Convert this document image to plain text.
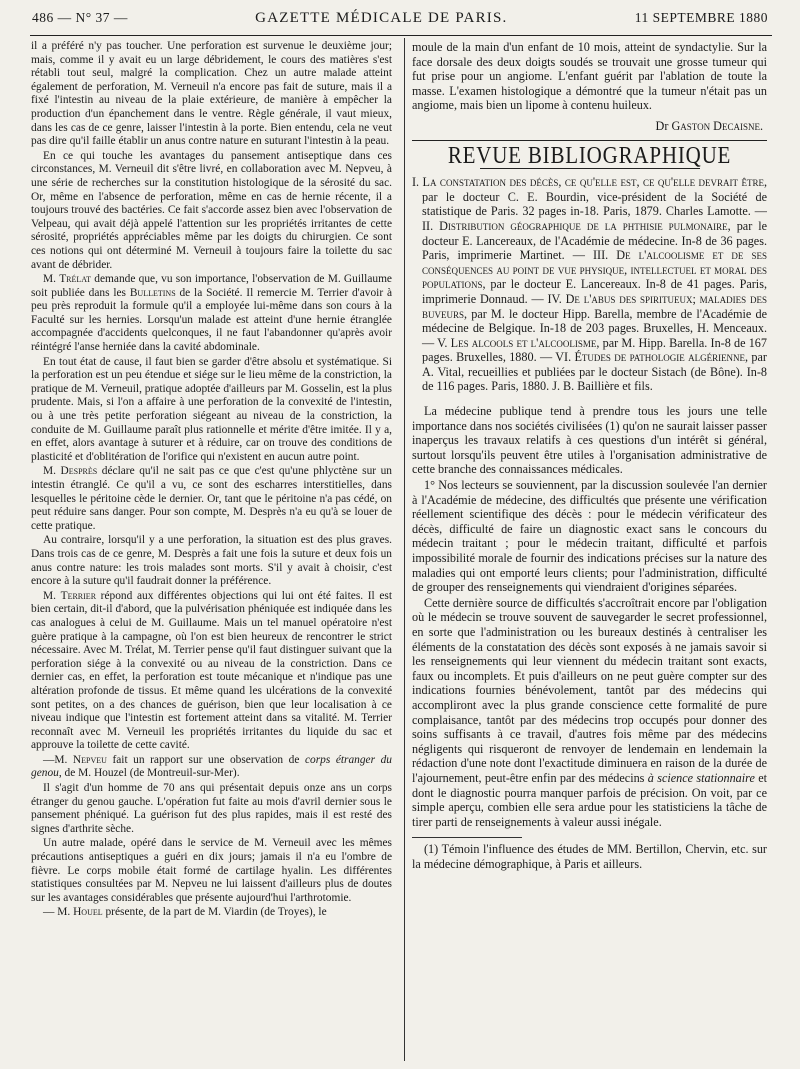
486 — N° 37 —	GAZETTE MÉDICALE DE PARIS.	11 SEPTEMBRE 1880

il a préféré n'y pas toucher. Une perforation est survenue le deuxième jour; mais, comme il y avait eu un large débridement, le cours des matières s'est rétabli tout seul, malgré la complication. Chez un autre malade atteint également de perforation, M. Verneuil n'a encore pas fait de suture, mais il a fixé l'intestin au niveau de la plaie extérieure, de manière à empêcher la production d'un épanchement dans le ventre. Règle générale, il vaut mieux, dans les cas de ce genre, laisser l'intestin à la porte. Bien entendu, cela ne veut pas dire qu'il faille établir un anus contre nature en suturant l'intestin à la peau.

En ce qui touche les avantages du pansement antiseptique dans ces circonstances, M. Verneuil dit s'être livré, en collaboration avec M. Nepveu, à une série de recherches sur la constitution histologique de la sérosité du sac. Or, même en l'absence de perforation, même en cas de hernie récente, il a toujours trouvé des bactéries. Ce fait s'accorde assez bien avec l'observation de Velpeau, qui avait déjà appelé l'attention sur les propriétés irritantes de cette sérosité, propriétés appréciables même par les doigts du chirurgien. Ce sont ces notions qui ont déterminé M. Verneuil à toujours faire la toilette du sac avant de débrider.

M. Trélat demande que, vu son importance, l'observation de M. Guillaume soit publiée dans les Bulletins de la Société. Il remercie M. Terrier d'avoir à peu près reproduit la formule qu'il a employée lui-même dans son cours à la Faculté sur les hernies. Lorsqu'un malade est atteint d'une hernie étranglée accompagnée d'accidents quelconques, il ne faut l'abandonner qu'après avoir réintégré l'anse herniée dans la cavité abdominale.

En tout état de cause, il faut bien se garder d'être absolu et systématique. Si la perforation est un peu étendue et siége sur le lieu même de la constriction, la pratique de M. Verneuil, pratique adoptée d'ailleurs par M. Gosselin, est la plus prudente. Mais, si l'on a affaire à une perforation de la convexité de l'intestin, ou à une très petite perforation siégeant au niveau de la constriction, la conduite de M. Guillaume paraît plus rationnelle et mérite d'être imitée. Il y a, en effet, alors avantage à suturer et à réduire, car on trouve des conditions de plasticité et d'oblitération de l'orifice qui n'existent en aucun autre point.

M. Desprès déclare qu'il ne sait pas ce que c'est qu'une phlyctène sur un intestin étranglé. Ce qu'il a vu, ce sont des escharres interstitielles, dans lesquelles le péritoine cède le dernier. Or, tant que le péritoine n'a pas cédé, on peut réduire sans danger. Pour son compte, M. Desprès n'a eu qu'à se louer de cette pratique.

Au contraire, lorsqu'il y a une perforation, la situation est des plus graves. Dans trois cas de ce genre, M. Desprès a fait une fois la suture et deux fois un anus contre nature: les trois malades sont morts. S'il y avait à choisir, c'est encore à la suture qu'il faudrait donner la préférence.

M. Terrier répond aux différentes objections qui lui ont été faites. Il est bien certain, dit-il d'abord, que la pulvérisation phéniquée est indiquée dans les cas analogues à celui de M. Guillaume. Mais un tel manuel opératoire n'est guère pratique à la campagne, où l'on est bien heureux de rencontrer le strict nécessaire. Avec M. Trélat, M. Terrier pense qu'il faut distinguer suivant que la perforation siége à la convexité ou au niveau de la constriction. Dans ce dernier cas, en effet, la perforation est toute mécanique et n'indique pas une altération profonde de tissus. Et même quand les ulcérations de la convexité sont petites, on a des chances de guérison, bien que leur localisation à ce niveau indique que l'intestin est fortement atteint dans sa vitalité. M. Terrier reconnaît avec M. Verneuil les propriétés irritantes du liquide du sac et approuve la toilette de cette cavité.

—M. Nepveu fait un rapport sur une observation de corps étranger du genou, de M. Houzel (de Montreuil-sur-Mer).

Il s'agit d'un homme de 70 ans qui présentait depuis onze ans un corps étranger du genou gauche. L'opération fut faite au mois d'avril dernier sous le pansement phéniqué. La guérison fut des plus rapides, mais il est resté des signes d'arthrite sèche.

Un autre malade, opéré dans le service de M. Verneuil avec les mêmes précautions antiseptiques a guéri en dix jours; jamais il n'a eu l'ombre de fièvre. Le corps mobile était formé de cartilage hyalin. Les différentes statistiques consultées par M. Nepveu ne lui laissent d'ailleurs plus de doutes sur les avantages considérables que présente aujourd'hui l'arthrotomie.

— M. Houel présente, de la part de M. Viardin (de Troyes), le

moule de la main d'un enfant de 10 mois, atteint de syndactylie. Sur la face dorsale des deux doigts soudés se trouvait une grosse tumeur qui fut prise pour un angiome. L'enfant guérit par l'ablation de toute la masse. L'examen histologique a démontré que la tumeur n'était pas un angiome, mais bien un lipome à contenu huileux.

Dr Gaston Decaisne.

REVUE BIBLIOGRAPHIQUE

I. La constatation des décès, ce qu'elle est, ce qu'elle devrait être, par le docteur C. E. Bourdin, vice-président de la Société de statistique de Paris. 32 pages in-18. Paris, 1879. Charles Lamotte. — II. Distribution géographique de la phthisie pulmonaire, par le docteur E. Lancereaux, de l'Académie de médecine. In-8 de 36 pages. Paris, imprimerie Martinet. — III. De l'alcoolisme et de ses conséquences au point de vue physique, intellectuel et moral des populations, par le docteur E. Lancereaux. In-8 de 41 pages. Paris, imprimerie Donnaud. — IV. De l'abus des spiritueux; maladies des buveurs, par M. le docteur Hipp. Barella, membre de l'Académie de médecine de Belgique. In-18 de 203 pages. Bruxelles, H. Menceaux. — V. Les alcools et l'alcoolisme, par M. Hipp. Barella. In-8 de 167 pages. Bruxelles, 1880. — VI. Études de pathologie algérienne, par A. Vital, recueillies et publiées par le docteur Sistach (de Bône). In-8 de 116 pages. Paris, 1880. J. B. Baillière et fils.

La médecine publique tend à prendre tous les jours une telle importance dans nos sociétés civilisées (1) qu'on ne saurait laisser passer inaperçus les travaux relatifs à ces questions d'un intérêt si général, surtout lorsqu'ils peuvent être utiles à l'organisation administrative de cette branche des connaissances médicales.

1° Nos lecteurs se souviennent, par la discussion soulevée l'an dernier à l'Académie de médecine, des difficultés que présente une vérification réellement scientifique des décès : pour le médecin vérificateur des décès, difficulté de faire un diagnostic exact sans le concours du médecin traitant ; pour le médecin traitant, difficulté et parfois impossibilité morale de fournir des indications précises sur la nature des maladies qui ont emporté leurs clients; pour l'administration, difficulté de grouper des renseignements qui viendraient d'origines séparées.

Cette dernière source de difficultés s'accroîtrait encore par l'obligation où le médecin se trouve souvent de sauvegarder le secret professionnel, en sorte que l'administration ou les bureaux destinés à centraliser les éléments de la constatation des décès sont exposés à ne jamais savoir si les renseignements qui leur viennent du médecin traitant sont exacts, faux ou incomplets. Et puis d'ailleurs on ne peut guère compter sur des indications fournies bénévolement, tantôt par des médecins qui accompliront avec la plus grande conscience cette formalité de pure complaisance, tantôt par des médecins trop occupés pour donner des soins suffisants à ce travail, d'autres fois même par des médecins négligents qui risqueront de renvoyer de lendemain en lendemain la rédaction d'une note dont l'exactitude diminuera en raison de la durée de l'ajournement, peut-être enfin par des médecins à science stationnaire et dont le diagnostic pourra manquer parfois de précision. On voit, par ce simple aperçu, combien elle sera ardue pour les statisticiens la tâche de tirer parti de renseignements à valeur aussi inégale.

(1) Témoin l'influence des études de MM. Bertillon, Chervin, etc. sur la médecine démographique, à Paris et ailleurs.
